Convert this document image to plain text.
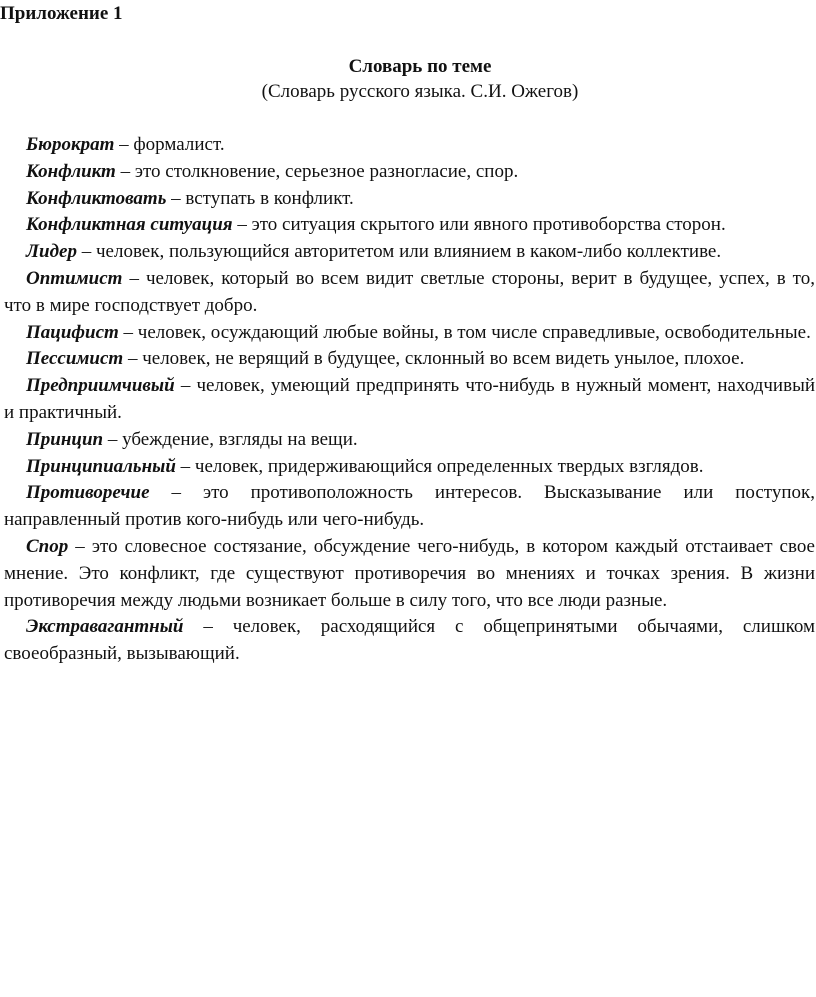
Приложение 1
Словарь по теме
(Словарь русского языка. С.И. Ожегов)

Бюрократ – формалист.

Конфликт – это столкновение, серьезное разногласие, спор.

Конфликтовать – вступать в конфликт.

Конфликтная ситуация – это ситуация скрытого или явного противоборства сторон.

Лидер – человек, пользующийся авторитетом или влиянием в каком-либо коллективе.

Оптимист – человек, который во всем видит светлые стороны, верит в будущее, успех, в то, что в мире господствует добро.

Пацифист – человек, осуждающий любые войны, в том числе справедливые, освободительные.

Пессимист – человек, не верящий в будущее, склонный во всем видеть унылое, плохое.

Предприимчивый – человек, умеющий предпринять что-нибудь в нужный момент, находчивый и практичный.

Принцип – убеждение, взгляды на вещи.

Принципиальный – человек, придерживающийся определенных твердых взглядов.

Противоречие – это противоположность интересов. Высказывание или поступок, направленный против кого-нибудь или чего-нибудь.

Спор – это словесное состязание, обсуждение чего-нибудь, в котором каждый отстаивает свое мнение. Это конфликт, где существуют противоречия во мнениях и точках зрения. В жизни противоречия между людьми возникает больше в силу того, что все люди разные.

Экстравагантный – человек, расходящийся с общепринятыми обычаями, слишком своеобразный, вызывающий.
